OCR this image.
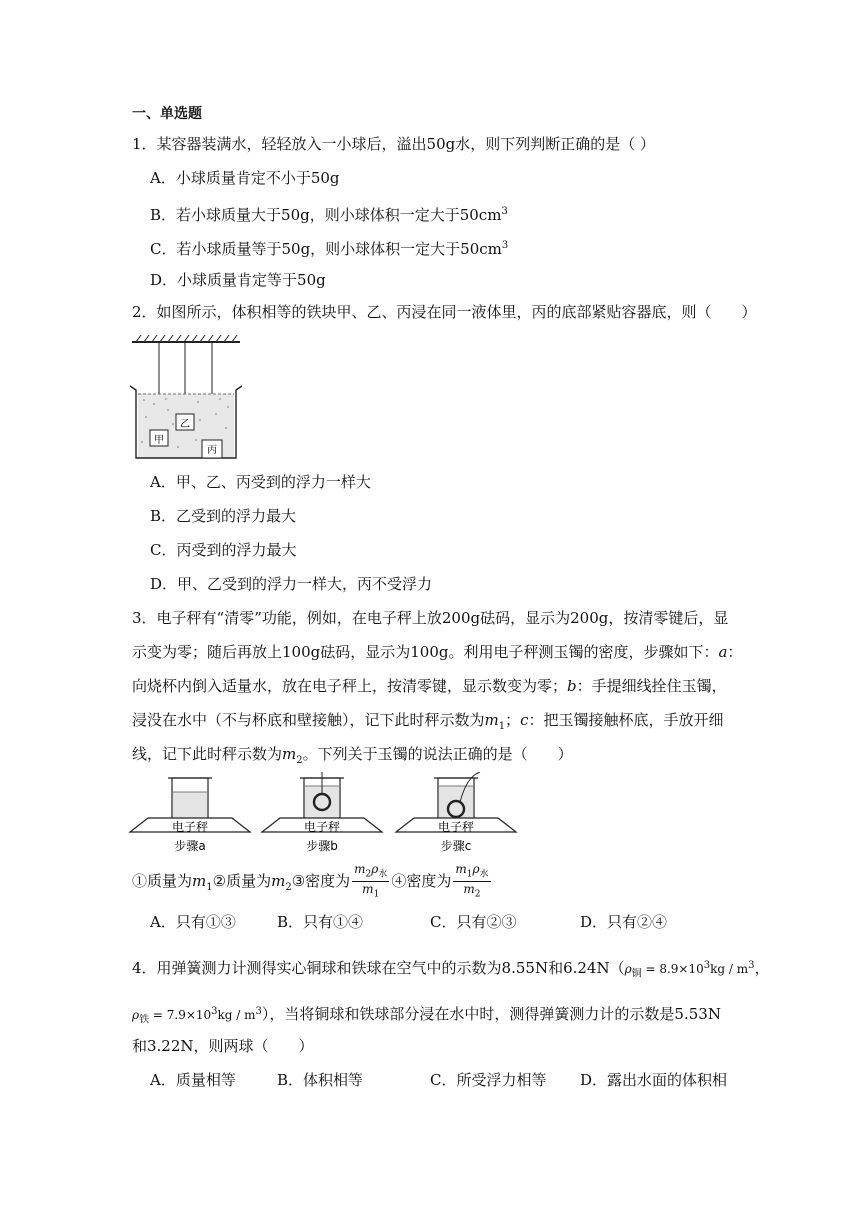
一、单选题
1．某容器装满水，轻轻放入一小球后，溢出50g水，则下列判断正确的是（ ）
A．小球质量肯定不小于50g
B．若小球质量大于50g，则小球体积一定大于$50cm^3$
C．若小球质量等于50g，则小球体积一定大于$50cm^3$
D．小球质量肯定等于50g
2．如图所示，体积相等的铁块甲、乙、丙浸在同一液体里，丙的底部紧贴容器底，则（　　）
甲
乙
丙
A．甲、乙、丙受到的浮力一样大
B．乙受到的浮力最大
C．丙受到的浮力最大
D．甲、乙受到的浮力一样大，丙不受浮力
3．电子秤有“清零”功能，例如，在电子秤上放200g砝码，显示为200g，按清零键后，显
示变为零；随后再放上100g砝码，显示为100g。利用电子秤测玉镯的密度，步骤如下：a：
向烧杯内倒入适量水，放在电子秤上，按清零键，显示数变为零；b：手提细线拴住玉镯，
浸没在水中（不与杯底和壁接触），记下此时秤示数为$m_1$；c：把玉镯接触杯底，手放开细
线，记下此时秤示数为$m_2$。下列关于玉镯的说法正确的是（　　）
电子秤
步骤a
电子秤
步骤b
电子秤
步骤c
①质量为$m_1②$质量为$m_2③$密度为 $\frac{m_2\rho_水}{m_1}$ ④密度为 $\frac{m_1\rho_水}{m_2}$
A．只有①③	B．只有①④	C．只有②③	D．只有②④
4．用弹簧测力计测得实心铜球和铁球在空气中的示数为8.55N和$6.24N(\rho_铜 = 8.9\times 10^3kg / m^3$，
$\rho_铁 = 7.9\times 10^3kg / m^3$），当将铜球和铁球部分浸在水中时，测得弹簧测力计的示数是5.53N
和3.22N，则两球（　　）
A．质量相等	B．体积相等	C．所受浮力相等 D．露出水面的体积相
